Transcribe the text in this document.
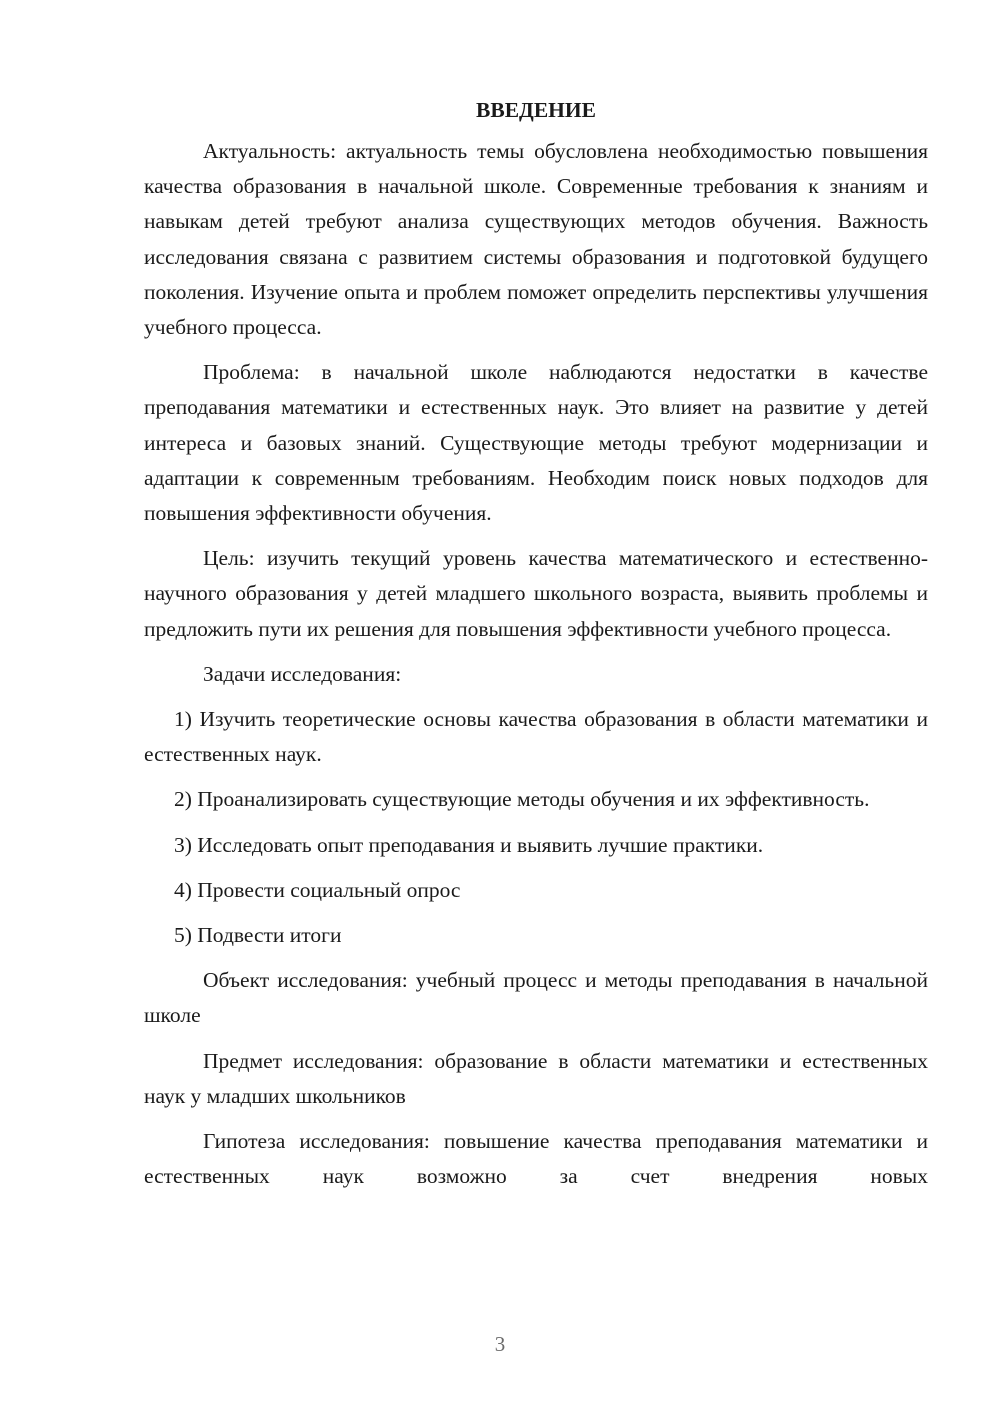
ВВЕДЕНИЕ

Актуальность: актуальность темы обусловлена необходимостью повышения качества образования в начальной школе. Современные требования к знаниям и навыкам детей требуют анализа существующих методов обучения. Важность исследования связана с развитием системы образования и подготовкой будущего поколения. Изучение опыта и проблем поможет определить перспективы улучшения учебного процесса.

Проблема: в начальной школе наблюдаются недостатки в качестве преподавания математики и естественных наук. Это влияет на развитие у детей интереса и базовых знаний. Существующие методы требуют модернизации и адаптации к современным требованиям. Необходим поиск новых подходов для повышения эффективности обучения.

Цель: изучить текущий уровень качества математического и естественно-научного образования у детей младшего школьного возраста, выявить проблемы и предложить пути их решения для повышения эффективности учебного процесса.

Задачи исследования:

1) Изучить теоретические основы качества образования в области математики и естественных наук.

2) Проанализировать существующие методы обучения и их эффективность.

3) Исследовать опыт преподавания и выявить лучшие практики.

4) Провести социальный опрос

5) Подвести итоги

Объект исследования: учебный процесс и методы преподавания в начальной школе

Предмет исследования: образование в области математики и естественных наук у младших школьников

Гипотеза исследования: повышение качества преподавания математики и естественных наук возможно за счет внедрения новых

3
